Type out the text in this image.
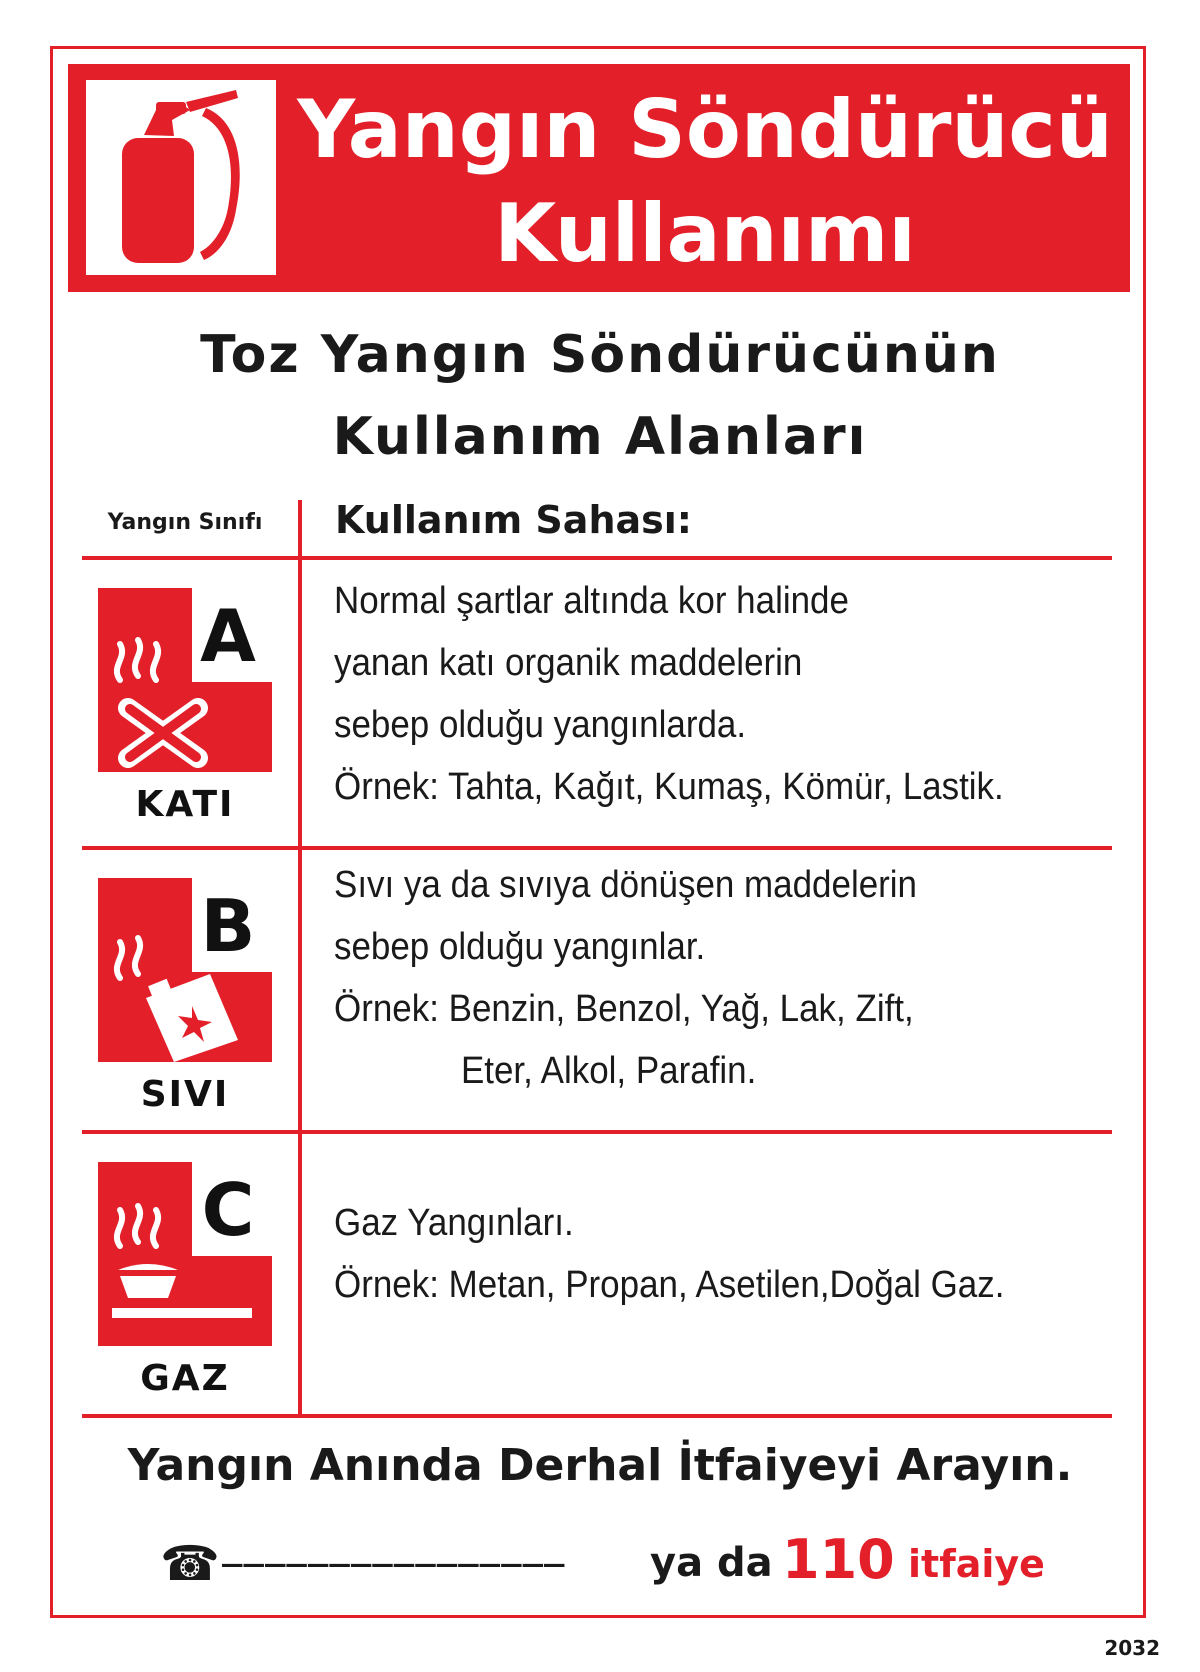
Yangın Söndürücü
Kullanımı
Toz Yangın Söndürücünün
Kullanım Alanları
Yangın Sınıfı	Kullanım Sahası:
A
KATI
Normal şartlar altında kor halinde
yanan katı organik maddelerin
sebep olduğu yangınlarda.
Örnek: Tahta, Kağıt, Kumaş, Kömür, Lastik.
B
SIVI
Sıvı ya da sıvıya dönüşen maddelerin
sebep olduğu yangınlar.
Örnek: Benzin, Benzol, Yağ, Lak, Zift,
Eter, Alkol, Parafin.
C
GAZ
Gaz Yangınları.
Örnek: Metan, Propan, Asetilen,Doğal Gaz.
Yangın Anında Derhal İtfaiyeyi Arayın.
☎ ________________ ya da 110 itfaiye
2032
